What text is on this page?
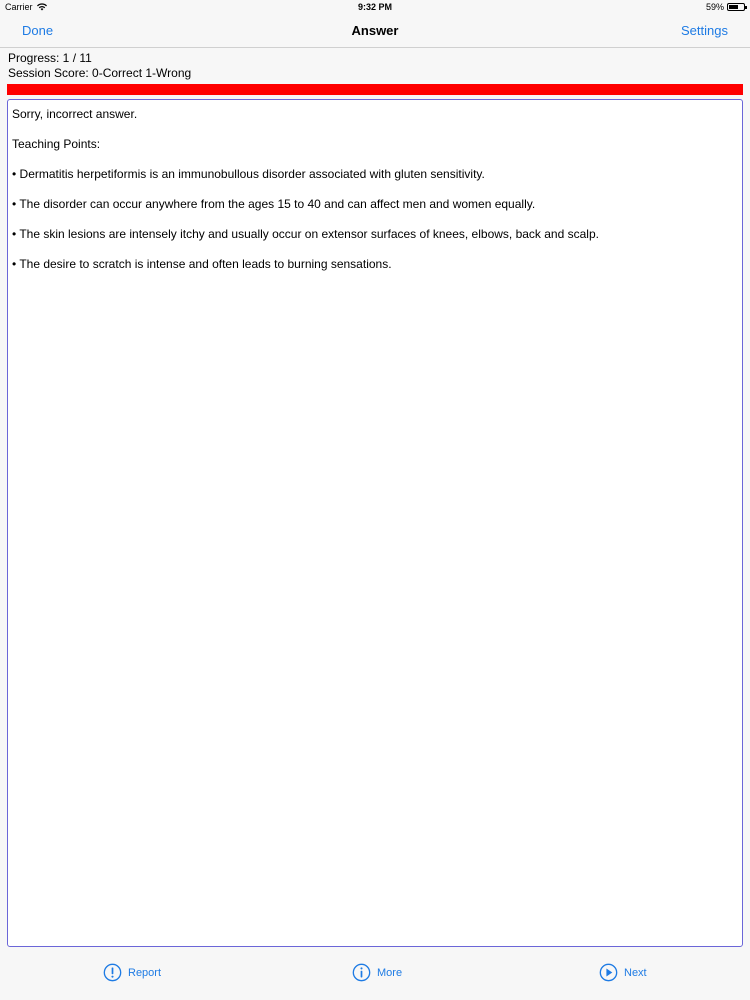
Carrier	9:32 PM	59%
Done	Answer	Settings
Progress: 1 / 11
Session Score: 0-Correct 1-Wrong

Sorry, incorrect answer.

Teaching Points:

• Dermatitis herpetiformis is an immunobullous disorder associated with gluten sensitivity.

• The disorder can occur anywhere from the ages 15 to 40 and can affect men and women equally.

• The skin lesions are intensely itchy and usually occur on extensor surfaces of knees, elbows, back and scalp.

• The desire to scratch is intense and often leads to burning sensations.

Report	More	Next
